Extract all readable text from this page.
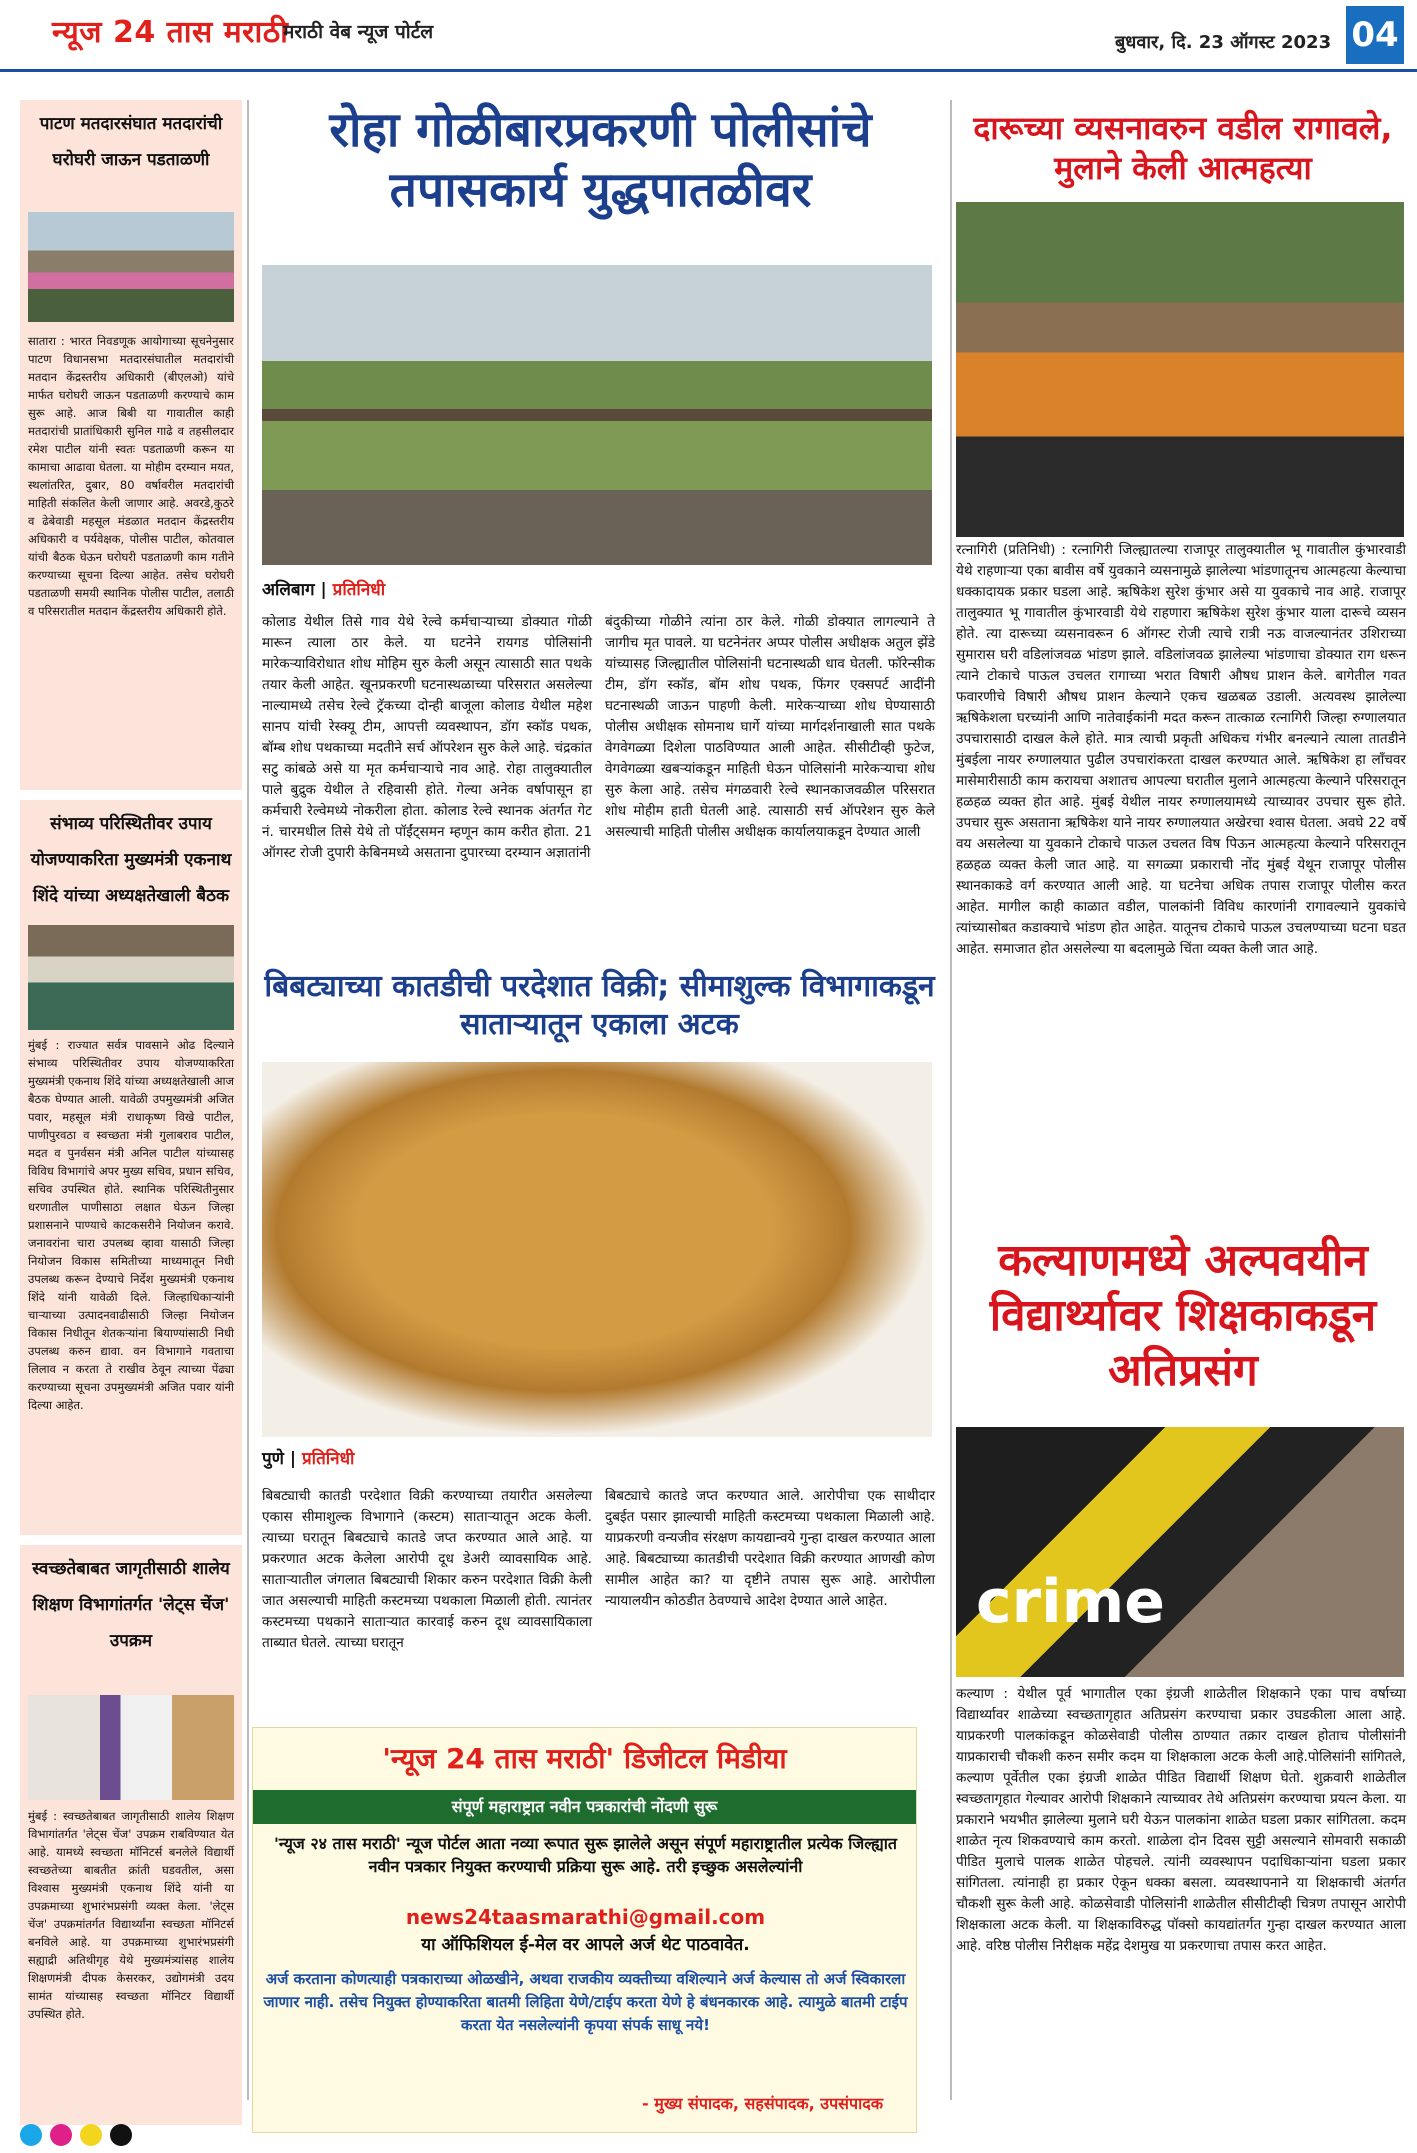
न्यूज 24 तास मराठी
मराठी वेब न्यूज पोर्टल	बुधवार, दि. 23 ऑगस्ट 2023 04
पाटण मतदारसंघात मतदारांची घरोघरी जाऊन पडताळणी
सातारा : भारत निवडणूक आयोगाच्या सूचनेनुसार पाटण विधानसभा मतदारसंघातील मतदारांची मतदान केंद्रस्तरीय अधिकारी (बीएलओ) यांचे मार्फत घरोघरी जाऊन पडताळणी करण्याचे काम सुरू आहे. आज बिबी या गावातील काही मतदारांची प्रातांधिकारी सुनिल गाढे व तहसीलदार रमेश पाटील यांनी स्वतः पडताळणी करून या कामाचा आढावा घेतला. या मोहीम दरम्यान मयत, स्थलांतरित, दुबार, 80 वर्षावरील मतदारांची माहिती संकलित केली जाणार आहे. अवरडे,कुठरे व ढेबेवाडी महसूल मंडळात मतदान केंद्रस्तरीय अधिकारी व पर्यवेक्षक, पोलीस पाटील, कोतवाल यांची बैठक घेऊन घरोघरी पडताळणी काम गतीने करण्याच्या सूचना दिल्या आहेत. तसेच घरोघरी पडताळणी समयी स्थानिक पोलीस पाटील, तलाठी व परिसरातील मतदान केंद्रस्तरीय अधिकारी होते.
संभाव्य परिस्थितीवर उपाय योजण्याकरिता मुख्यमंत्री एकनाथ शिंदे यांच्या अध्यक्षतेखाली बैठक
मुंबई : राज्यात सर्वत्र पावसाने ओढ दिल्याने संभाव्य परिस्थितीवर उपाय योजण्याकरिता मुख्यमंत्री एकनाथ शिंदे यांच्या अध्यक्षतेखाली आज बैठक घेण्यात आली. यावेळी उपमुख्यमंत्री अजित पवार, महसूल मंत्री राधाकृष्ण विखे पाटील, पाणीपुरवठा व स्वच्छता मंत्री गुलाबराव पाटील, मदत व पुनर्वसन मंत्री अनिल पाटील यांच्यासह विविध विभागांचे अपर मुख्य सचिव, प्रधान सचिव, सचिव उपस्थित होते. स्थानिक परिस्थितीनुसार धरणातील पाणीसाठा लक्षात घेऊन जिल्हा प्रशासनाने पाण्याचे काटकसरीने नियोजन करावे. जनावरांना चारा उपलब्ध व्हावा यासाठी जिल्हा नियोजन विकास समितीच्या माध्यमातून निधी उपलब्ध करून देण्याचे निर्देश मुख्यमंत्री एकनाथ शिंदे यांनी यावेळी दिले. जिल्हाधिकाऱ्यांनी चाऱ्याच्या उत्पादनवाढीसाठी जिल्हा नियोजन विकास निधीतून शेतकऱ्यांना बियाण्यांसाठी निधी उपलब्ध करुन द्यावा. वन विभागाने गवताचा लिलाव न करता ते राखीव ठेवून त्याच्या पेंढ्या करण्याच्या सूचना उपमुख्यमंत्री अजित पवार यांनी दिल्या आहेत.
स्वच्छतेबाबत जागृतीसाठी शालेय शिक्षण विभागांतर्गत 'लेट्स चेंज' उपक्रम
मुंबई : स्वच्छतेबाबत जागृतीसाठी शालेय शिक्षण विभागांतर्गत 'लेट्स चेंज' उपक्रम राबविण्यात येत आहे. यामध्ये स्वच्छता मॉनिटर्स बनलेले विद्यार्थी स्वच्छतेच्या बाबतीत क्रांती घडवतील, असा विश्वास मुख्यमंत्री एकनाथ शिंदे यांनी या उपक्रमाच्या शुभारंभप्रसंगी व्यक्त केला. 'लेट्स चेंज' उपक्रमांतर्गत विद्यार्थ्यांना स्वच्छता मॉनिटर्स बनविले आहे. या उपक्रमाच्या शुभारंभप्रसंगी सह्याद्री अतिथीगृह येथे मुख्यमंत्र्यांसह शालेय शिक्षणमंत्री दीपक केसरकर, उद्योगमंत्री उदय सामंत यांच्यासह स्वच्छता मॉनिटर विद्यार्थी उपस्थित होते.
रोहा गोळीबारप्रकरणी पोलीसांचे तपासकार्य युद्धपातळीवर
अलिबाग | प्रतिनिधी
कोलाड येथील तिसे गाव येथे रेल्वे कर्मचाऱ्याच्या डोक्यात गोळी मारून त्याला ठार केले. या घटनेने रायगड पोलिसांनी मारेकऱ्याविरोधात शोध मोहिम सुरु केली असून त्यासाठी सात पथके तयार केली आहेत. खूनप्रकरणी घटनास्थळाच्या परिसरात असलेल्या नाल्यामध्ये तसेच रेल्वे ट्रॅकच्या दोन्ही बाजूला कोलाड येथील महेश सानप यांची रेस्क्यू टीम, आपत्ती व्यवस्थापन, डॉग स्कॉड पथक, बॉम्ब शोध पथकाच्या मदतीने सर्च ऑपरेशन सुरु केले आहे. चंद्रकांत सटु कांबळे असे या मृत कर्मचाऱ्याचे नाव आहे. रोहा तालुक्यातील पाले बुद्रुक येथील ते रहिवासी होते. गेल्या अनेक वर्षापासून हा कर्मचारी रेल्वेमध्ये नोकरीला होता. कोलाड रेल्वे स्थानक अंतर्गत गेट नं. चारमधील तिसे येथे तो पॉईंट्समन म्हणून काम करीत होता. 21 ऑगस्ट रोजी दुपारी केबिनमध्ये असताना दुपारच्या दरम्यान अज्ञातांनी
बंदुकीच्या गोळीने त्यांना ठार केले. गोळी डोक्यात लागल्याने ते जागीच मृत पावले. या घटनेनंतर अप्पर पोलीस अधीक्षक अतुल झेंडे यांच्यासह जिल्ह्यातील पोलिसांनी घटनास्थळी धाव घेतली. फॉरेन्सीक टीम, डॉग स्कॉड, बॉम शोध पथक, फिंगर एक्सपर्ट आदींनी घटनास्थळी जाऊन पाहणी केली. मारेकऱ्याच्या शोध घेण्यासाठी पोलीस अधीक्षक सोमनाथ घार्गे यांच्या मार्गदर्शनाखाली सात पथके वेगवेगळ्या दिशेला पाठविण्यात आली आहेत. सीसीटीव्ही फुटेज, वेगवेगळ्या खबऱ्यांकडून माहिती घेऊन पोलिसांनी मारेकऱ्याचा शोध सुरु केला आहे. तसेच मंगळवारी रेल्वे स्थानकाजवळील परिसरात शोध मोहीम हाती घेतली आहे. त्यासाठी सर्च ऑपरेशन सुरु केले असल्याची माहिती पोलीस अधीक्षक कार्यालयाकडून देण्यात आली
बिबट्याच्या कातडीची परदेशात विक्री; सीमाशुल्क विभागाकडून साताऱ्यातून एकाला अटक
पुणे | प्रतिनिधी
बिबट्याची कातडी परदेशात विक्री करण्याच्या तयारीत असलेल्या एकास सीमाशुल्क विभागाने (कस्टम) साताऱ्यातून अटक केली. त्याच्या घरातून बिबट्याचे कातडे जप्त करण्यात आले आहे. या प्रकरणात अटक केलेला आरोपी दूध डेअरी व्यावसायिक आहे. साताऱ्यातील जंगलात बिबट्याची शिकार करुन परदेशात विक्री केली जात असल्याची माहिती कस्टमच्या पथकाला मिळाली होती. त्यानंतर कस्टमच्या पथकाने साताऱ्यात कारवाई करुन दूध व्यावसायिकाला ताब्यात घेतले. त्याच्या घरातून
बिबट्याचे कातडे जप्त करण्यात आले. आरोपीचा एक साथीदार दुबईत पसार झाल्याची माहिती कस्टमच्या पथकाला मिळाली आहे. याप्रकरणी वन्यजीव संरक्षण कायद्यान्वये गुन्हा दाखल करण्यात आला आहे. बिबट्याच्या कातडीची परदेशात विक्री करण्यात आणखी कोण सामील आहेत का? या दृष्टीने तपास सुरू आहे. आरोपीला न्यायालयीन कोठडीत ठेवण्याचे आदेश देण्यात आले आहेत.
'न्यूज 24 तास मराठी' डिजीटल मिडीया
संपूर्ण महाराष्ट्रात नवीन पत्रकारांची नोंदणी सुरू
'न्यूज २४ तास मराठी' न्यूज पोर्टल आता नव्या रूपात सुरू झालेले असून संपूर्ण महाराष्ट्रातील प्रत्येक जिल्ह्यात नवीन पत्रकार नियुक्त करण्याची प्रक्रिया सुरू आहे. तरी इच्छुक असलेल्यांनी
news24taasmarathi@gmail.com
या ऑफिशियल ई-मेल वर आपले अर्ज थेट पाठवावेत.
अर्ज करताना कोणत्याही पत्रकाराच्या ओळखीने, अथवा राजकीय व्यक्तीच्या वशिल्याने अर्ज केल्यास तो अर्ज स्विकारला जाणार नाही. तसेच नियुक्त होण्याकरिता बातमी लिहिता येणे/टाईप करता येणे हे बंधनकारक आहे. त्यामुळे बातमी टाईप करता येत नसलेल्यांनी कृपया संपर्क साधू नये!
- मुख्य संपादक, सहसंपादक, उपसंपादक
दारूच्या व्यसनावरुन वडील रागावले, मुलाने केली आत्महत्या
रत्नागिरी (प्रतिनिधी) : रत्नागिरी जिल्ह्यातल्या राजापूर तालुक्यातील भू गावातील कुंभारवाडी येथे राहणाऱ्या एका बावीस वर्षे युवकाने व्यसनामुळे झालेल्या भांडणातूनच आत्महत्या केल्याचा धक्कादायक प्रकार घडला आहे. ऋषिकेश सुरेश कुंभार असे या युवकाचे नाव आहे. राजापूर तालुक्यात भू गावातील कुंभारवाडी येथे राहणारा ऋषिकेश सुरेश कुंभार याला दारूचे व्यसन होते. त्या दारूच्या व्यसनावरून 6 ऑगस्ट रोजी त्याचे रात्री नऊ वाजल्यानंतर उशिराच्या सुमारास घरी वडिलांजवळ भांडण झाले. वडिलांजवळ झालेल्या भांडणाचा डोक्यात राग धरून त्याने टोकाचे पाऊल उचलत रागाच्या भरात विषारी औषध प्राशन केले. बागेतील गवत फवारणीचे विषारी औषध प्राशन केल्याने एकच खळबळ उडाली. अत्यवस्थ झालेल्या ऋषिकेशला घरच्यांनी आणि नातेवाईकांनी मदत करून तात्काळ रत्नागिरी जिल्हा रुग्णालयात उपचारासाठी दाखल केले होते. मात्र त्याची प्रकृती अधिकच गंभीर बनल्याने त्याला तातडीने मुंबईला नायर रुग्णालयात पुढील उपचारांकरता दाखल करण्यात आले. ऋषिकेश हा लॉंचवर मासेमारीसाठी काम करायचा अशातच आपल्या घरातील मुलाने आत्महत्या केल्याने परिसरातून हळहळ व्यक्त होत आहे. मुंबई येथील नायर रुग्णालयामध्ये त्याच्यावर उपचार सुरू होते. उपचार सुरू असताना ऋषिकेश याने नायर रुग्णालयात अखेरचा श्वास घेतला. अवघे 22 वर्षे वय असलेल्या या युवकाने टोकाचे पाऊल उचलत विष पिऊन आत्महत्या केल्याने परिसरातून हळहळ व्यक्त केली जात आहे. या सगळ्या प्रकाराची नोंद मुंबई येथून राजापूर पोलीस स्थानकाकडे वर्ग करण्यात आली आहे. या घटनेचा अधिक तपास राजापूर पोलीस करत आहेत. मागील काही काळात वडील, पालकांनी विविध कारणांनी रागावल्याने युवकांचे त्यांच्यासोबत कडाक्याचे भांडण होत आहेत. यातूनच टोकाचे पाऊल उचलण्याच्या घटना घडत आहेत. समाजात होत असलेल्या या बदलामुळे चिंता व्यक्त केली जात आहे.
कल्याणमध्ये अल्पवयीन विद्यार्थ्यावर शिक्षकाकडून अतिप्रसंग
crime
कल्याण : येथील पूर्व भागातील एका इंग्रजी शाळेतील शिक्षकाने एका पाच वर्षाच्या विद्यार्थ्यावर शाळेच्या स्वच्छतागृहात अतिप्रसंग करण्याचा प्रकार उघडकीला आला आहे. याप्रकरणी पालकांकडून कोळसेवाडी पोलीस ठाण्यात तक्रार दाखल होताच पोलीसांनी याप्रकाराची चौकशी करुन समीर कदम या शिक्षकाला अटक केली आहे.पोलिसांनी सांगितले, कल्याण पूर्वेतील एका इंग्रजी शाळेत पीडित विद्यार्थी शिक्षण घेतो. शुक्रवारी शाळेतील स्वच्छतागृहात गेल्यावर आरोपी शिक्षकाने त्याच्यावर तेथे अतिप्रसंग करण्याचा प्रयत्न केला. या प्रकाराने भयभीत झालेल्या मुलाने घरी येऊन पालकांना शाळेत घडला प्रकार सांगितला. कदम शाळेत नृत्य शिकवण्याचे काम करतो. शाळेला दोन दिवस सुट्टी असल्याने सोमवारी सकाळी पीडित मुलाचे पालक शाळेत पोहचले. त्यांनी व्यवस्थापन पदाधिकाऱ्यांना घडला प्रकार सांगितला. त्यांनाही हा प्रकार ऐकून धक्का बसला. व्यवस्थापनाने या शिक्षकाची अंतर्गत चौकशी सुरू केली आहे. कोळसेवाडी पोलिसांनी शाळेतील सीसीटीव्ही चित्रण तपासून आरोपी शिक्षकाला अटक केली. या शिक्षकाविरुद्ध पॉक्सो कायद्यांतर्गत गुन्हा दाखल करण्यात आला आहे. वरिष्ठ पोलीस निरीक्षक महेंद्र देशमुख या प्रकरणाचा तपास करत आहेत.
